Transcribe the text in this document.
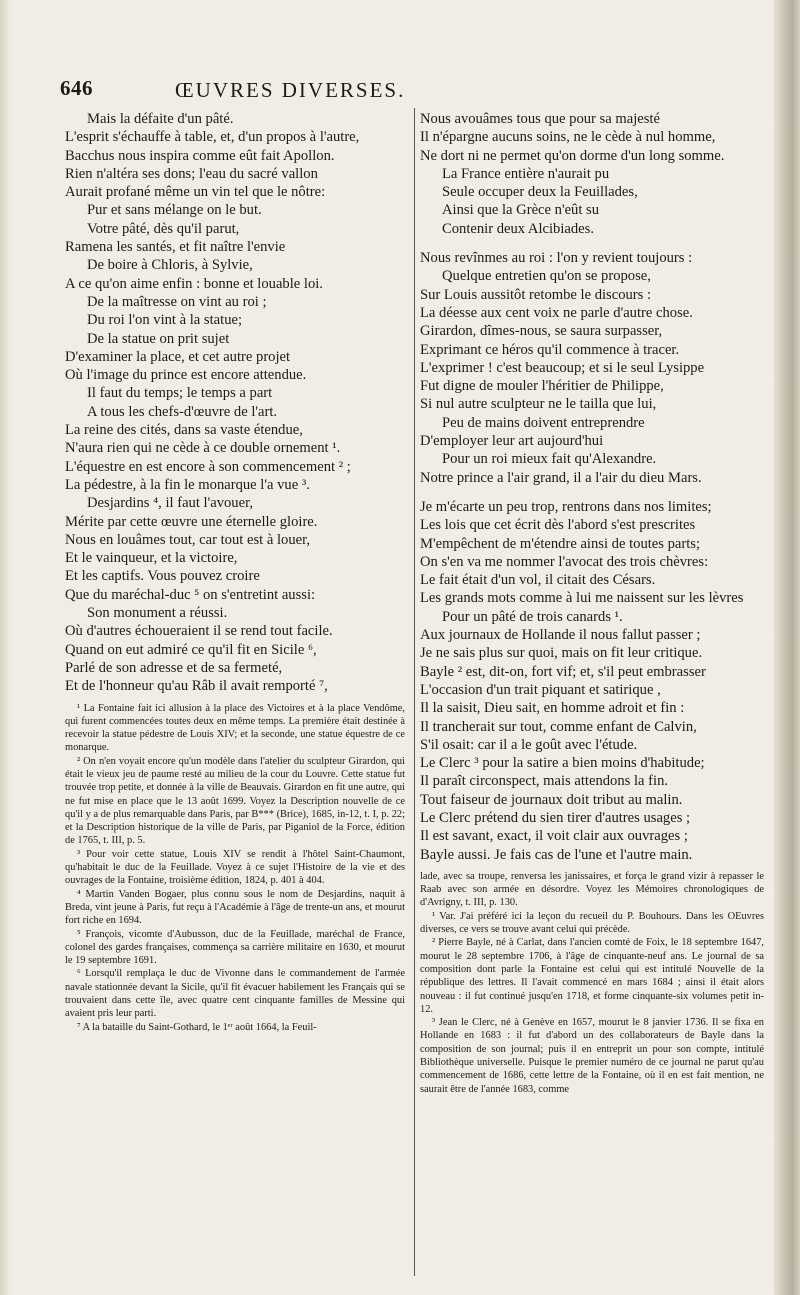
646	ŒUVRES DIVERSES.

Mais la défaite d'un pâté.

L'esprit s'échauffe à table, et, d'un propos à l'autre,

Bacchus nous inspira comme eût fait Apollon.

Rien n'altéra ses dons; l'eau du sacré vallon

Aurait profané même un vin tel que le nôtre:

Pur et sans mélange on le but.

Votre pâté, dès qu'il parut,

Ramena les santés, et fit naître l'envie

De boire à Chloris, à Sylvie,

A ce qu'on aime enfin : bonne et louable loi.

De la maîtresse on vint au roi ;

Du roi l'on vint à la statue;

De la statue on prit sujet

D'examiner la place, et cet autre projet

Où l'image du prince est encore attendue.

Il faut du temps; le temps a part

A tous les chefs-d'œuvre de l'art.

La reine des cités, dans sa vaste étendue,

N'aura rien qui ne cède à ce double ornement ¹.

L'équestre en est encore à son commencement ² ;

La pédestre, à la fin le monarque l'a vue ³.

Desjardins ⁴, il faut l'avouer,

Mérite par cette œuvre une éternelle gloire.

Nous en louâmes tout, car tout est à louer,

Et le vainqueur, et la victoire,

Et les captifs. Vous pouvez croire

Que du maréchal-duc ⁵ on s'entretint aussi:

Son monument a réussi.

Où d'autres échoueraient il se rend tout facile.

Quand on eut admiré ce qu'il fit en Sicile ⁶,

Parlé de son adresse et de sa fermeté,

Et de l'honneur qu'au Râb il avait remporté ⁷,

¹ La Fontaine fait ici allusion à la place des Victoires et à la place Vendôme, qui furent commencées toutes deux en même temps. La première était destinée à recevoir la statue pédestre de Louis XIV; et la seconde, une statue équestre de ce monarque.

² On n'en voyait encore qu'un modèle dans l'atelier du sculpteur Girardon, qui était le vieux jeu de paume resté au milieu de la cour du Louvre. Cette statue fut trouvée trop petite, et donnée à la ville de Beauvais. Girardon en fit une autre, qui ne fut mise en place que le 13 août 1699. Voyez la Description nouvelle de ce qu'il y a de plus remarquable dans Paris, par B*** (Brice), 1685, in-12, t. I, p. 22; et la Description historique de la ville de Paris, par Piganiol de la Force, édition de 1765, t. III, p. 5.

³ Pour voir cette statue, Louis XIV se rendit à l'hôtel Saint-Chaumont, qu'habitait le duc de la Feuillade. Voyez à ce sujet l'Histoire de la vie et des ouvrages de la Fontaine, troisième édition, 1824, p. 401 à 404.

⁴ Martin Vanden Bogaer, plus connu sous le nom de Desjardins, naquit à Breda, vint jeune à Paris, fut reçu à l'Académie à l'âge de trente-un ans, et mourut fort riche en 1694.

⁵ François, vicomte d'Aubusson, duc de la Feuillade, maréchal de France, colonel des gardes françaises, commença sa carrière militaire en 1630, et mourut le 19 septembre 1691.

⁶ Lorsqu'il remplaça le duc de Vivonne dans le commandement de l'armée navale stationnée devant la Sicile, qu'il fit évacuer habilement les Français qui se trouvaient dans cette île, avec quatre cent cinquante familles de Messine qui avaient pris leur parti.

⁷ A la bataille du Saint-Gothard, le 1ᵉʳ août 1664, la Feuil-

Nous avouâmes tous que pour sa majesté

Il n'épargne aucuns soins, ne le cède à nul homme,

Ne dort ni ne permet qu'on dorme d'un long somme.

La France entière n'aurait pu

Seule occuper deux la Feuillades,

Ainsi que la Grèce n'eût su

Contenir deux Alcibiades.

Nous revînmes au roi : l'on y revient toujours :

Quelque entretien qu'on se propose,

Sur Louis aussitôt retombe le discours :

La déesse aux cent voix ne parle d'autre chose.

Girardon, dîmes-nous, se saura surpasser,

Exprimant ce héros qu'il commence à tracer.

L'exprimer ! c'est beaucoup; et si le seul Lysippe

Fut digne de mouler l'héritier de Philippe,

Si nul autre sculpteur ne le tailla que lui,

Peu de mains doivent entreprendre

D'employer leur art aujourd'hui

Pour un roi mieux fait qu'Alexandre.

Notre prince a l'air grand, il a l'air du dieu Mars.

Je m'écarte un peu trop, rentrons dans nos limites;

Les lois que cet écrit dès l'abord s'est prescrites

M'empêchent de m'étendre ainsi de toutes parts;

On s'en va me nommer l'avocat des trois chèvres:

Le fait était d'un vol, il citait des Césars.

Les grands mots comme à lui me naissent sur les lèvres

Pour un pâté de trois canards ¹.

Aux journaux de Hollande il nous fallut passer ;

Je ne sais plus sur quoi, mais on fit leur critique.

Bayle ² est, dit-on, fort vif; et, s'il peut embrasser

L'occasion d'un trait piquant et satirique ,

Il la saisit, Dieu sait, en homme adroit et fin :

Il trancherait sur tout, comme enfant de Calvin,

S'il osait: car il a le goût avec l'étude.

Le Clerc ³ pour la satire a bien moins d'habitude;

Il paraît circonspect, mais attendons la fin.

Tout faiseur de journaux doit tribut au malin.

Le Clerc prétend du sien tirer d'autres usages ;

Il est savant, exact, il voit clair aux ouvrages ;

Bayle aussi. Je fais cas de l'une et l'autre main.

lade, avec sa troupe, renversa les janissaires, et força le grand vizir à repasser le Raab avec son armée en désordre. Voyez les Mémoires chronologiques de d'Avrigny, t. III, p. 130.

¹ Var. J'ai préféré ici la leçon du recueil du P. Bouhours. Dans les OEuvres diverses, ce vers se trouve avant celui qui précède.

² Pierre Bayle, né à Carlat, dans l'ancien comté de Foix, le 18 septembre 1647, mourut le 28 septembre 1706, à l'âge de cinquante-neuf ans. Le journal de sa composition dont parle la Fontaine est celui qui est intitulé Nouvelle de la république des lettres. Il l'avait commencé en mars 1684 ; ainsi il était alors nouveau : il fut continué jusqu'en 1718, et forme cinquante-six volumes petit in-12.

³ Jean le Clerc, né à Genève en 1657, mourut le 8 janvier 1736. Il se fixa en Hollande en 1683 : il fut d'abord un des collaborateurs de Bayle dans la composition de son journal; puis il en entreprit un pour son compte, intitulé Bibliothèque universelle. Puisque le premier numéro de ce journal ne parut qu'au commencement de 1686, cette lettre de la Fontaine, où il en est fait mention, ne saurait être de l'année 1683, comme
